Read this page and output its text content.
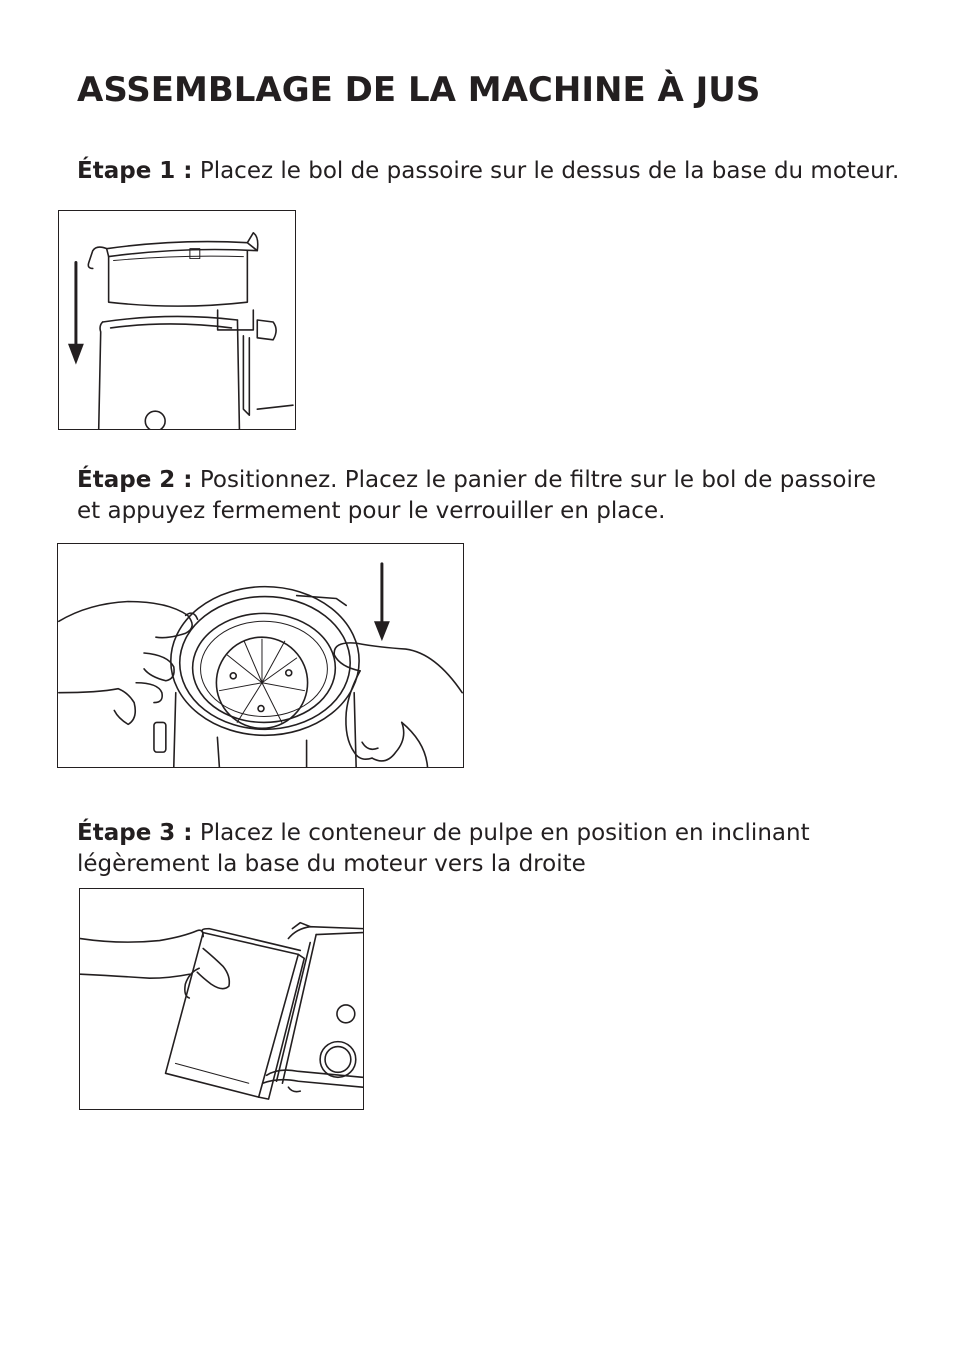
ASSEMBLAGE DE LA MACHINE À JUS

Étape 1 : Placez le bol de passoire sur le dessus de la base du moteur.

Étape 2 : Positionnez. Placez le panier de filtre sur le bol de passoire
et appuyez fermement pour le verrouiller en place.

Étape 3 : Placez le conteneur de pulpe en position en inclinant
légèrement la base du moteur vers la droite
